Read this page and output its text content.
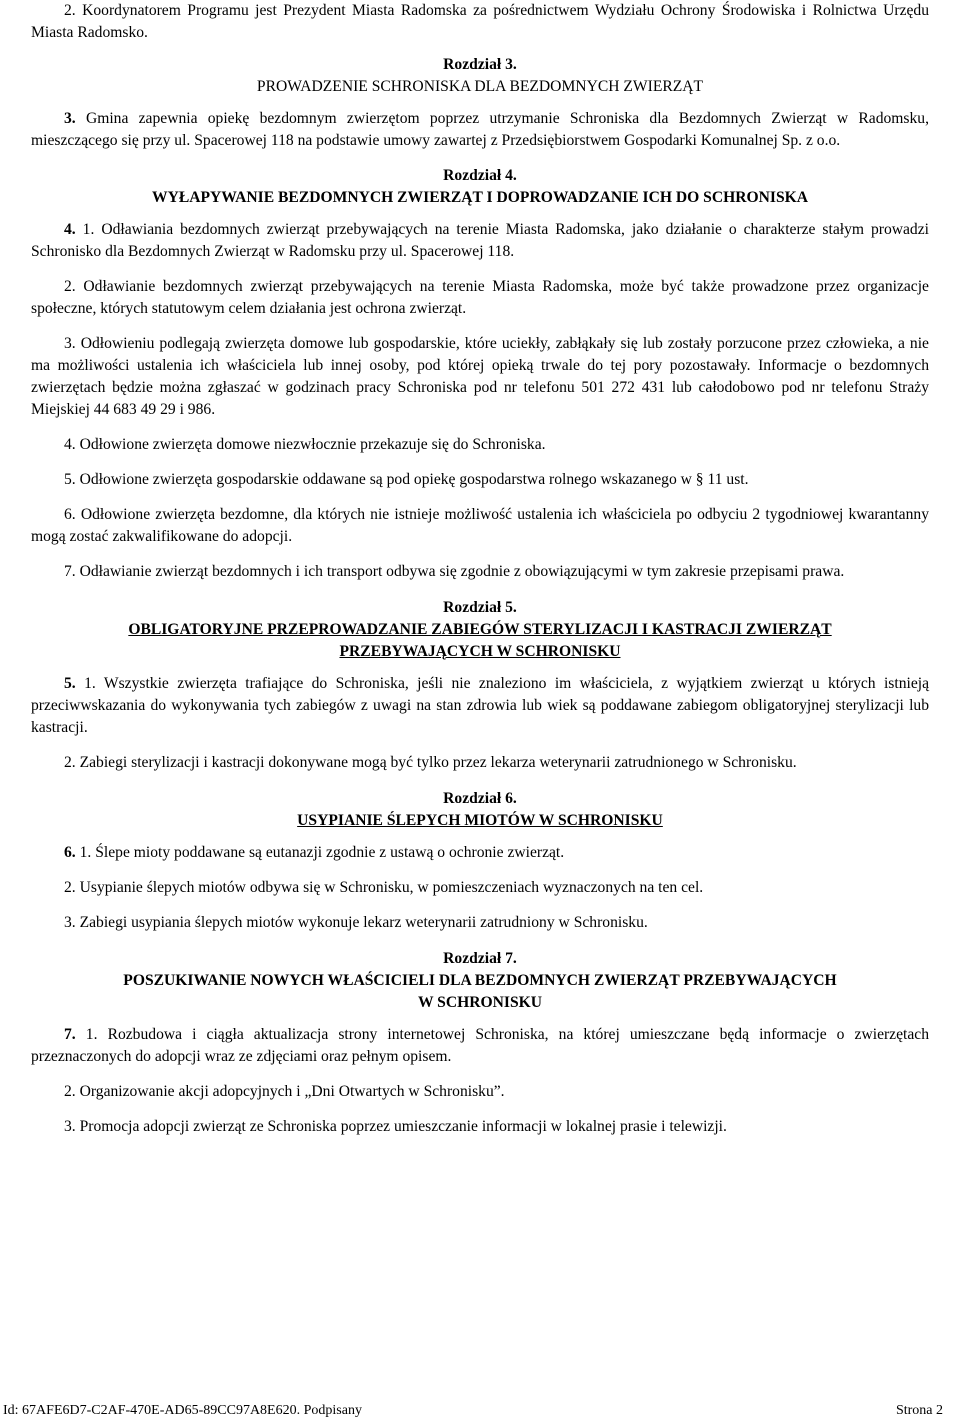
2. Koordynatorem Programu jest Prezydent Miasta Radomska za pośrednictwem Wydziału Ochrony Środowiska i Rolnictwa Urzędu Miasta Radomsko.

Rozdział 3.

PROWADZENIE SCHRONISKA DLA BEZDOMNYCH ZWIERZĄT

3. Gmina zapewnia opiekę bezdomnym zwierzętom poprzez utrzymanie Schroniska dla Bezdomnych Zwierząt w Radomsku, mieszczącego się przy ul. Spacerowej 118 na podstawie umowy zawartej z Przedsiębiorstwem Gospodarki Komunalnej Sp. z o.o.

Rozdział 4.

WYŁAPYWANIE BEZDOMNYCH ZWIERZĄT I DOPROWADZANIE ICH DO SCHRONISKA

4. 1. Odławiania bezdomnych zwierząt przebywających na terenie Miasta Radomska, jako działanie o charakterze stałym prowadzi Schronisko dla Bezdomnych Zwierząt w Radomsku przy ul. Spacerowej 118.

2. Odławianie bezdomnych zwierząt przebywających na terenie Miasta Radomska, może być także prowadzone przez organizacje społeczne, których statutowym celem działania jest ochrona zwierząt.

3. Odłowieniu podlegają zwierzęta domowe lub gospodarskie, które uciekły, zabłąkały się lub zostały porzucone przez człowieka, a nie ma możliwości ustalenia ich właściciela lub innej osoby, pod której opieką trwale do tej pory pozostawały. Informacje o bezdomnych zwierzętach będzie można zgłaszać w godzinach pracy Schroniska pod nr telefonu 501 272 431 lub całodobowo pod nr telefonu Straży Miejskiej 44 683 49 29 i 986.

4. Odłowione zwierzęta domowe niezwłocznie przekazuje się do Schroniska.

5. Odłowione zwierzęta gospodarskie oddawane są pod opiekę gospodarstwa rolnego wskazanego w § 11 ust.

6. Odłowione zwierzęta bezdomne, dla których nie istnieje możliwość ustalenia ich właściciela po odbyciu 2 tygodniowej kwarantanny mogą zostać zakwalifikowane do adopcji.

7. Odławianie zwierząt bezdomnych i ich transport odbywa się zgodnie z obowiązującymi w tym zakresie przepisami prawa.

Rozdział 5.

OBLIGATORYJNE PRZEPROWADZANIE ZABIEGÓW STERYLIZACJI I KASTRACJI ZWIERZĄT

PRZEBYWAJĄCYCH W SCHRONISKU

5. 1. Wszystkie zwierzęta trafiające do Schroniska, jeśli nie znaleziono im właściciela, z wyjątkiem zwierząt u których istnieją przeciwwskazania do wykonywania tych zabiegów z uwagi na stan zdrowia lub wiek są poddawane zabiegom obligatoryjnej sterylizacji lub kastracji.

2. Zabiegi sterylizacji i kastracji dokonywane mogą być tylko przez lekarza weterynarii zatrudnionego w Schronisku.

Rozdział 6.

USYPIANIE ŚLEPYCH MIOTÓW W SCHRONISKU

6. 1. Ślepe mioty poddawane są eutanazji zgodnie z ustawą o ochronie zwierząt.

2. Usypianie ślepych miotów odbywa się w Schronisku, w pomieszczeniach wyznaczonych na ten cel.

3. Zabiegi usypiania ślepych miotów wykonuje lekarz weterynarii zatrudniony w Schronisku.

Rozdział 7.

POSZUKIWANIE NOWYCH WŁAŚCICIELI DLA BEZDOMNYCH ZWIERZĄT PRZEBYWAJĄCYCH

W SCHRONISKU

7. 1. Rozbudowa i ciągła aktualizacja strony internetowej Schroniska, na której umieszczane będą informacje o zwierzętach przeznaczonych do adopcji wraz ze zdjęciami oraz pełnym opisem.

2. Organizowanie akcji adopcyjnych i „Dni Otwartych w Schronisku”.

3. Promocja adopcji zwierząt ze Schroniska poprzez umieszczanie informacji w lokalnej prasie i telewizji.

Id: 67AFE6D7-C2AF-470E-AD65-89CC97A8E620. Podpisany	Strona 2
